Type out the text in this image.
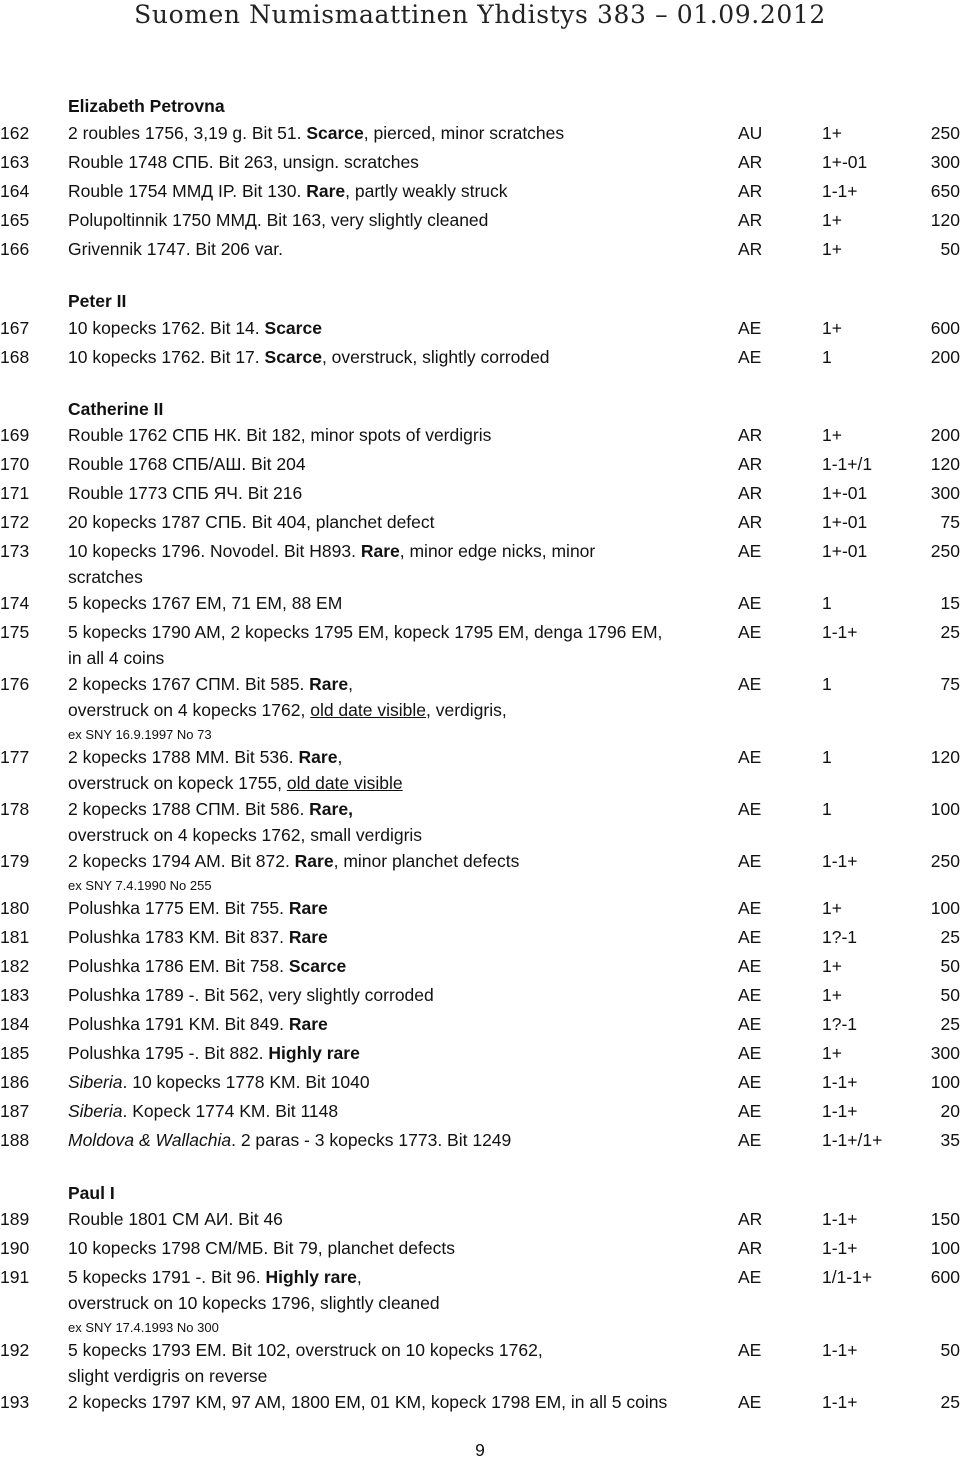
Suomen Numismaattinen Yhdistys 383 – 01.09.2012
Elizabeth Petrovna
162 2 roubles 1756, 3,19 g. Bit 51. Scarce, pierced, minor scratches	AU	1+	250
163 Rouble 1748 СПБ. Bit 263, unsign. scratches	AR	1+-01	300
164 Rouble 1754 ММД IP. Bit 130. Rare, partly weakly struck	AR	1-1+	650
165 Polupoltinnik 1750 ММД. Bit 163, very slightly cleaned	AR	1+	120
166 Grivennik 1747. Bit 206 var.	AR	1+	50
Peter II
167 10 kopecks 1762. Bit 14. Scarce	AE	1+	600
168 10 kopecks 1762. Bit 17. Scarce, overstruck, slightly corroded	AE	1	200
Catherine II
169 Rouble 1762 СПБ НК. Bit 182, minor spots of verdigris	AR	1+	200
170 Rouble 1768 СПБ/АШ. Bit 204	AR	1-1+/1	120
171 Rouble 1773 СПБ ЯЧ. Bit 216	AR	1+-01	300
172 20 kopecks 1787 СПБ. Bit 404, planchet defect	AR	1+-01	75
173 10 kopecks 1796. Novodel. Bit H893. Rare, minor edge nicks, minor	AE	1+-01	250
scratches
174 5 kopecks 1767 EM, 71 EM, 88 EM	AE	1	15
175 5 kopecks 1790 AM, 2 kopecks 1795 EM, kopeck 1795 EM, denga 1796 EM,	AE	1-1+	25
in all 4 coins
176 2 kopecks 1767 СПМ. Bit 585. Rare,	AE	1	75
overstruck on 4 kopecks 1762, old date visible, verdigris,
ex SNY 16.9.1997 No 73
177 2 kopecks 1788 MM. Bit 536. Rare,	AE	1	120
overstruck on kopeck 1755, old date visible
178 2 kopecks 1788 СПМ. Bit 586. Rare,	AE	1	100
overstruck on 4 kopecks 1762, small verdigris
179 2 kopecks 1794 AM. Bit 872. Rare, minor planchet defects	AE	1-1+	250
ex SNY 7.4.1990 No 255
180 Polushka 1775 EM. Bit 755. Rare	AE	1+	100
181 Polushka 1783 KM. Bit 837. Rare	AE	1?-1	25
182 Polushka 1786 EM. Bit 758. Scarce	AE	1+	50
183 Polushka 1789 -. Bit 562, very slightly corroded	AE	1+	50
184 Polushka 1791 KM. Bit 849. Rare	AE	1?-1	25
185 Polushka 1795 -. Bit 882. Highly rare	AE	1+	300
186 Siberia. 10 kopecks 1778 KM. Bit 1040	AE	1-1+	100
187 Siberia. Kopeck 1774 KM. Bit 1148	AE	1-1+	20
188 Moldova & Wallachia. 2 paras - 3 kopecks 1773. Bit 1249	AE	1-1+/1+	35
Paul I
189 Rouble 1801 CM АИ. Bit 46	AR	1-1+	150
190 10 kopecks 1798 CM/МБ. Bit 79, planchet defects	AR	1-1+	100
191 5 kopecks 1791 -. Bit 96. Highly rare,	AE	1/1-1+	600
overstruck on 10 kopecks 1796, slightly cleaned
ex SNY 17.4.1993 No 300
192 5 kopecks 1793 EM. Bit 102, overstruck on 10 kopecks 1762,	AE	1-1+	50
slight verdigris on reverse
193 2 kopecks 1797 KM, 97 AM, 1800 EM, 01 KM, kopeck 1798 EM, in all 5 coins	AE	1-1+	25
9
